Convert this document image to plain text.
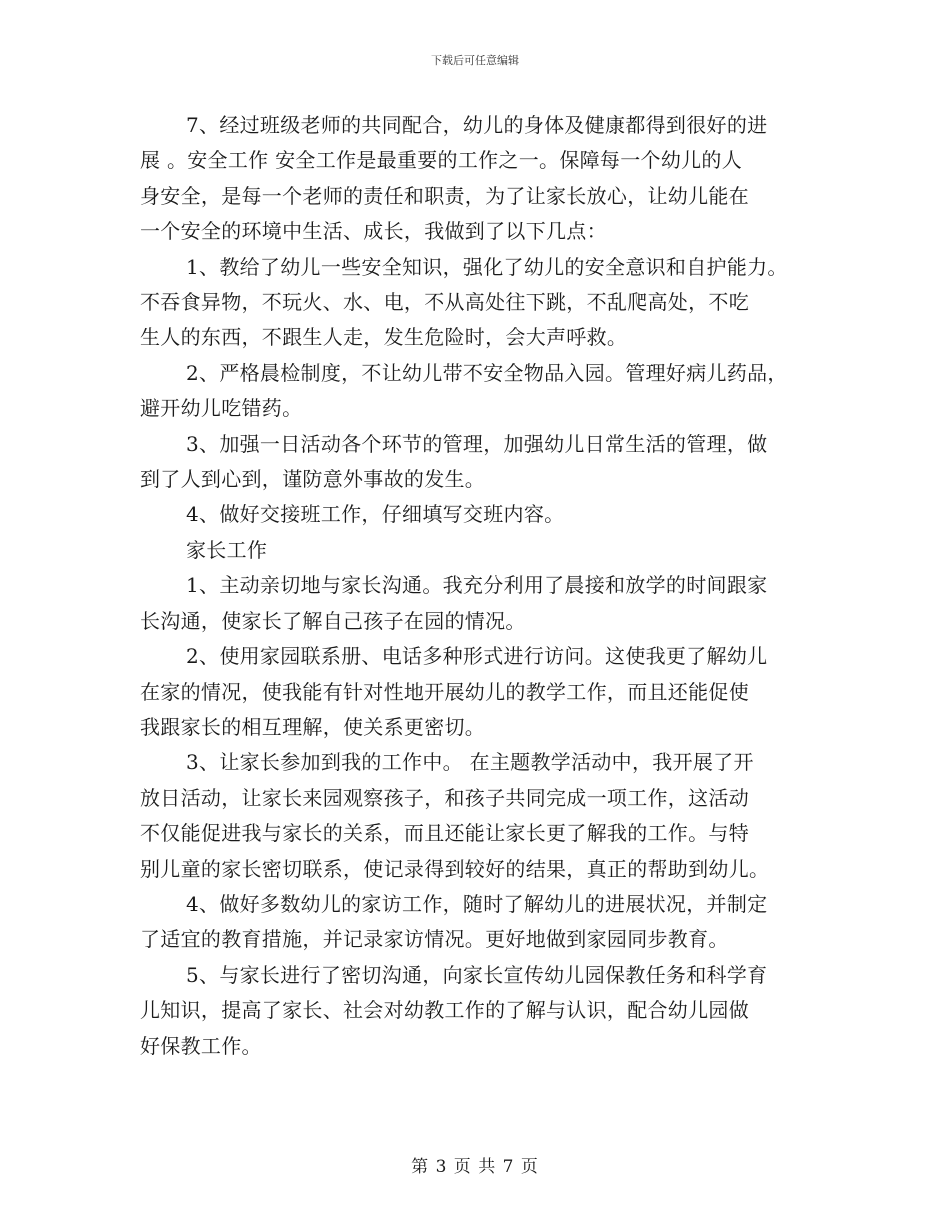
下载后可任意编辑

7、经过班级老师的共同配合，幼儿的身体及健康都得到很好的进
展 。安全工作 安全工作是最重要的工作之一。保障每一个幼儿的人
身安全，是每一个老师的责任和职责，为了让家长放心，让幼儿能在
一个安全的环境中生活、成长，我做到了以下几点：

1、教给了幼儿一些安全知识，强化了幼儿的安全意识和自护能力。
不吞食异物，不玩火、水、电，不从高处往下跳，不乱爬高处，不吃
生人的东西，不跟生人走，发生危险时，会大声呼救。

2、严格晨检制度，不让幼儿带不安全物品入园。管理好病儿药品，
避开幼儿吃错药。

3、加强一日活动各个环节的管理，加强幼儿日常生活的管理，做
到了人到心到，谨防意外事故的发生。

4、做好交接班工作，仔细填写交班内容。

家长工作

1、主动亲切地与家长沟通。我充分利用了晨接和放学的时间跟家
长沟通，使家长了解自己孩子在园的情况。

2、使用家园联系册、电话多种形式进行访问。这使我更了解幼儿
在家的情况，使我能有针对性地开展幼儿的教学工作，而且还能促使
我跟家长的相互理解，使关系更密切。

3、让家长参加到我的工作中。 在主题教学活动中，我开展了开
放日活动，让家长来园观察孩子，和孩子共同完成一项工作，这活动
不仅能促进我与家长的关系，而且还能让家长更了解我的工作。与特
别儿童的家长密切联系，使记录得到较好的结果，真正的帮助到幼儿。

4、做好多数幼儿的家访工作，随时了解幼儿的进展状况，并制定
了适宜的教育措施，并记录家访情况。更好地做到家园同步教育。

5、与家长进行了密切沟通，向家长宣传幼儿园保教任务和科学育
儿知识，提高了家长、社会对幼教工作的了解与认识，配合幼儿园做
好保教工作。

第 3 页 共 7 页
